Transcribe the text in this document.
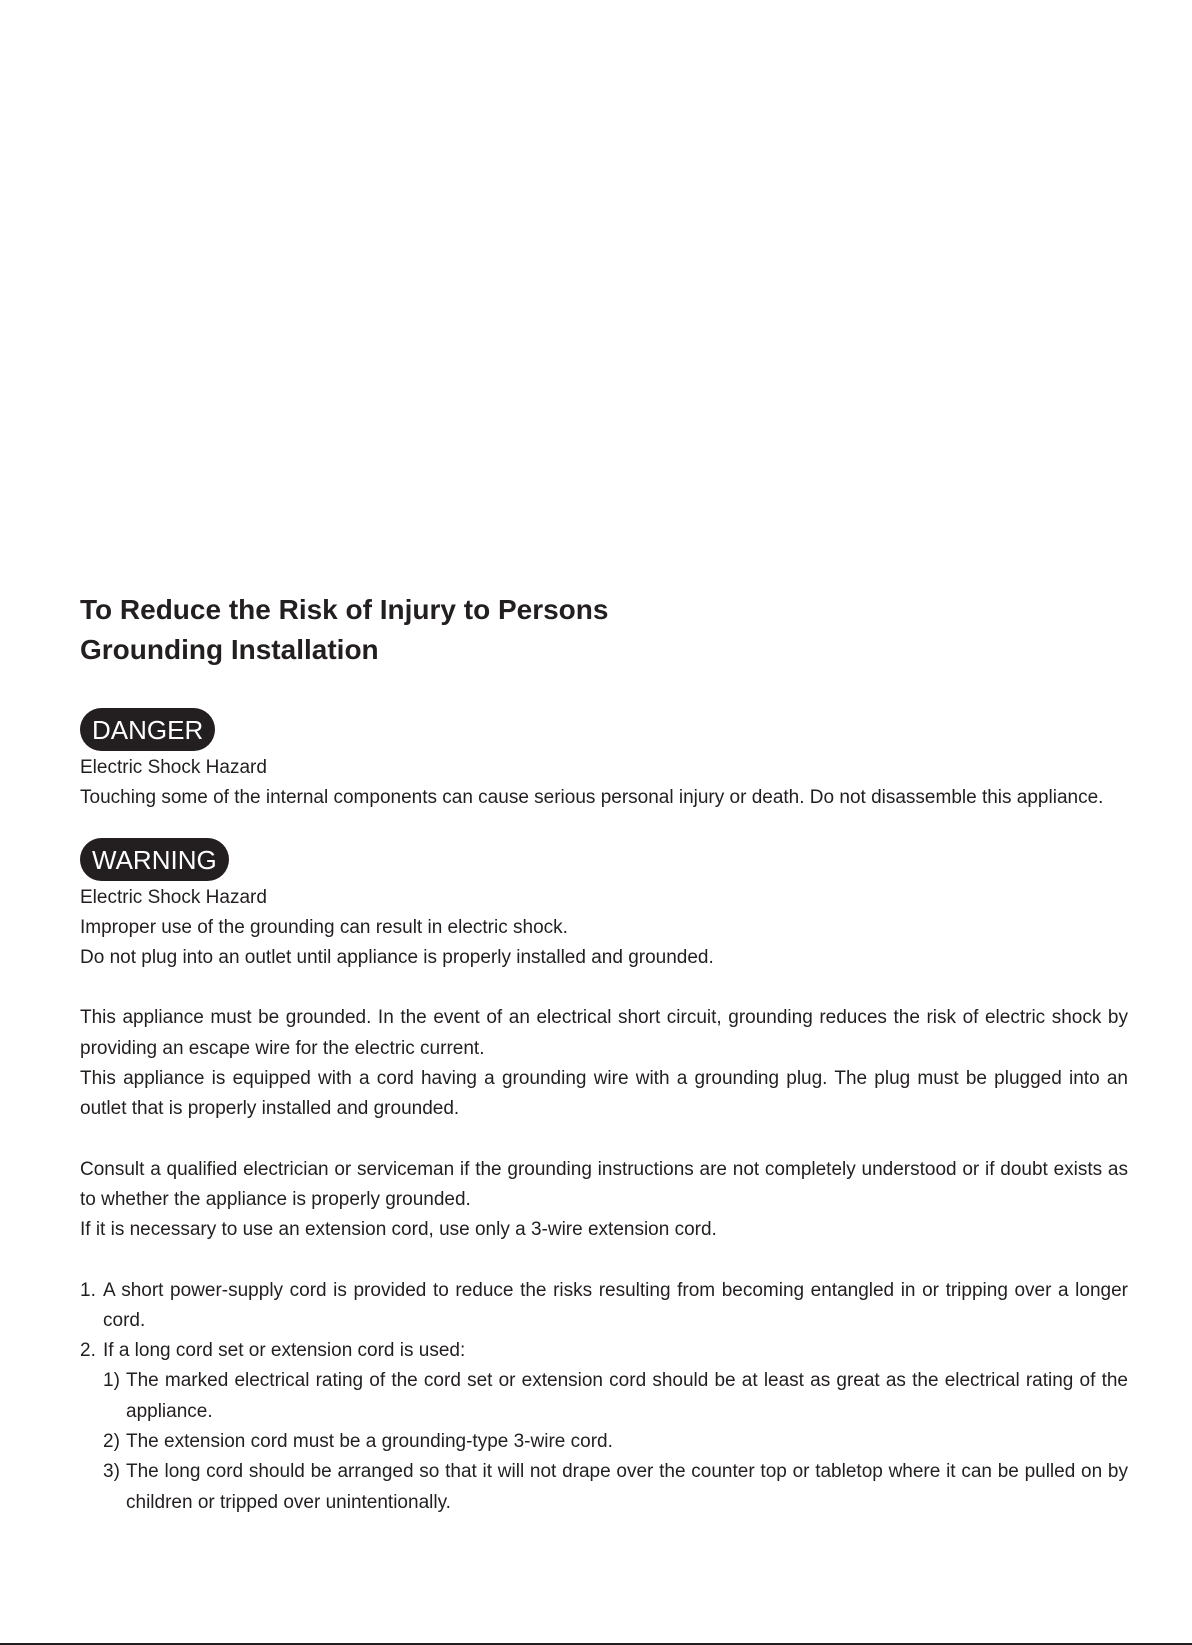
To Reduce the Risk of Injury to Persons
Grounding Installation
DANGER

Electric Shock Hazard

Touching some of the internal components can cause serious personal injury or death. Do not disassemble this appliance.

WARNING

Electric Shock Hazard

Improper use of the grounding can result in electric shock.

Do not plug into an outlet until appliance is properly installed and grounded.

This appliance must be grounded. In the event of an electrical short circuit, grounding reduces the risk of electric shock by providing an escape wire for the electric current.

This appliance is equipped with a cord having a grounding wire with a grounding plug. The plug must be plugged into an outlet that is properly installed and grounded.

Consult a qualified electrician or serviceman if the grounding instructions are not completely understood or if doubt exists as to whether the appliance is properly grounded.

If it is necessary to use an extension cord, use only a 3-wire extension cord.

1. A short power-supply cord is provided to reduce the risks resulting from becoming entangled in or tripping over a longer cord.
2. If a long cord set or extension cord is used:
1) The marked electrical rating of the cord set or extension cord should be at least as great as the electrical rating of the appliance.
2) The extension cord must be a grounding-type 3-wire cord.
3) The long cord should be arranged so that it will not drape over the counter top or tabletop where it can be pulled on by children or tripped over unintentionally.
